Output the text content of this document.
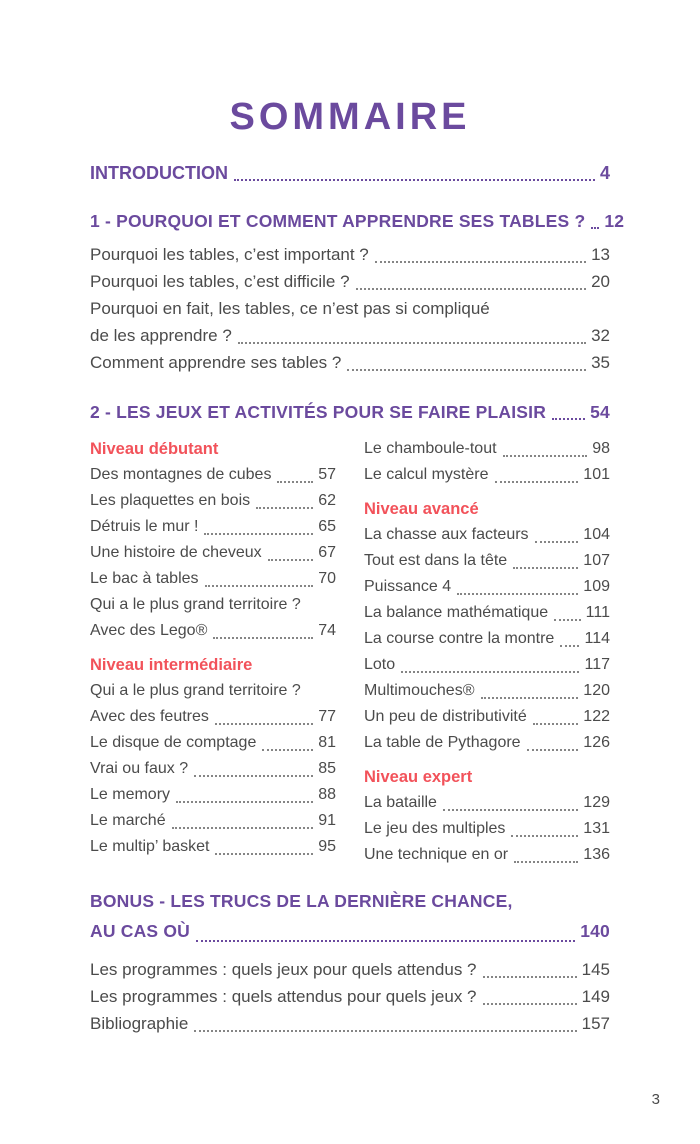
SOMMAIRE
INTRODUCTION	4
1 - POURQUOI ET COMMENT APPRENDRE SES TABLES ? 12
Pourquoi les tables, c’est important ?	13
Pourquoi les tables, c’est difficile ?	20
Pourquoi en fait, les tables, ce n’est pas si compliqué
de les apprendre ?	32
Comment apprendre ses tables ?	35
2 - LES JEUX ET ACTIVITÉS POUR SE FAIRE PLAISIR	54
Niveau débutant
Des montagnes de cubes	57
Les plaquettes en bois	62
Détruis le mur !	65
Une histoire de cheveux	67
Le bac à tables	70
Qui a le plus grand territoire ?
Avec des Lego®	74
Niveau intermédiaire
Qui a le plus grand territoire ?
Avec des feutres	77
Le disque de comptage	81
Vrai ou faux ?	85
Le memory	88
Le marché	91
Le multip’ basket	95
Le chamboule-tout	98
Le calcul mystère	101
Niveau avancé
La chasse aux facteurs	104
Tout est dans la tête	107
Puissance 4	109
La balance mathématique 111
La course contre la montre 114
Loto	117
Multimouches®	120
Un peu de distributivité	122
La table de Pythagore	126
Niveau expert
La bataille	129
Le jeu des multiples	131
Une technique en or	136
BONUS - LES TRUCS DE LA DERNIÈRE CHANCE,
AU CAS OÙ	140
Les programmes : quels jeux pour quels attendus ?	145
Les programmes : quels attendus pour quels jeux ?	149
Bibliographie	157
3
